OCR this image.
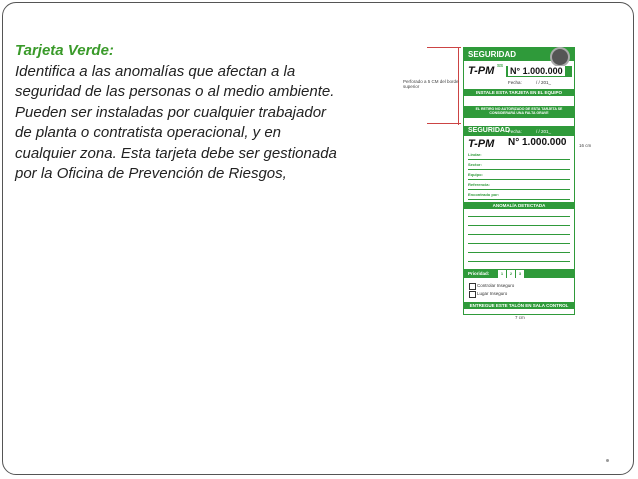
Tarjeta Verde:
Identifica a las anomalías que afectan a la
seguridad de las personas o al medio ambiente.
Pueden ser instaladas por cualquier trabajador
de planta o contratista operacional, y en
cualquier zona. Esta tarjeta debe ser gestionada
por la Oficina de Prevención de Riesgos,
Perforado a 5 CM del borde superior
16 cm
7 cm
SEGURIDAD
T-PM SS
N° 1.000.000
Fecha:	/ / 201_
INSTALE ESTA TARJETA EN EL EQUIPO
EL RETIRO NO AUTORIZADO DE ESTA TARJETA SE CONSIDERARÁ UNA FALTA GRAVE
SEGURIDAD
T-PM N° 1.000.000
Fecha:	/ / 201_
Lindar:
Sector:
Equipo:
Referencia:
Encontrado por:
ANOMALÍA DETECTADA
Prioridad:	1	2	3
Controlar Inseguro
Lugar Inseguro
ENTREGUE ESTE TALÓN EN SALA CONTROL
